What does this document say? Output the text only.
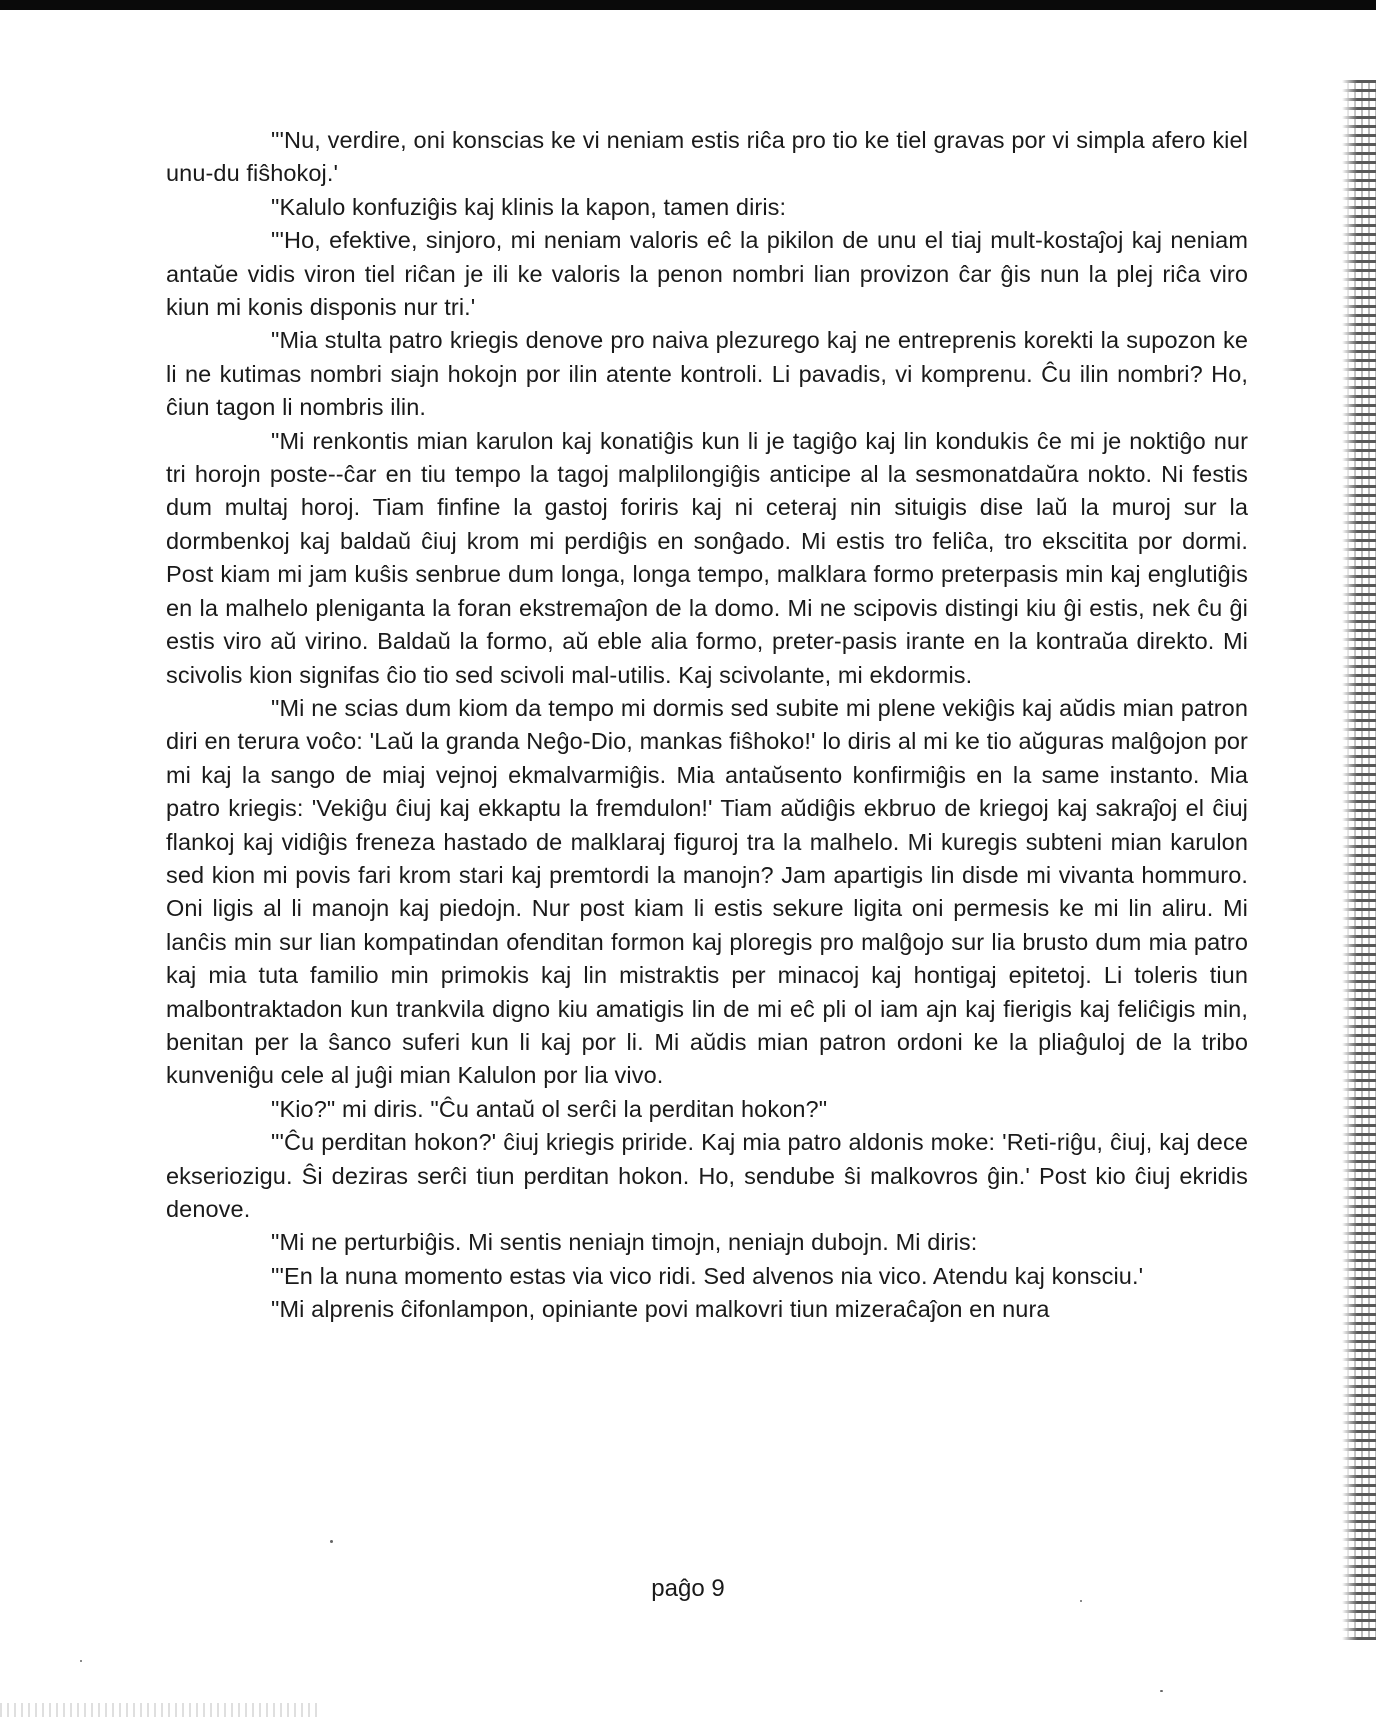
"'Nu, verdire, oni konscias ke vi neniam estis riĉa pro tio ke tiel gravas por vi simpla afero kiel unu-du fiŝhokoj.'

"Kalulo konfuziĝis kaj klinis la kapon, tamen diris:

"'Ho, efektive, sinjoro, mi neniam valoris eĉ la pikilon de unu el tiaj mult-kostaĵoj kaj neniam antaŭe vidis viron tiel riĉan je ili ke valoris la penon nombri lian provizon ĉar ĝis nun la plej riĉa viro kiun mi konis disponis nur tri.'

"Mia stulta patro kriegis denove pro naiva plezurego kaj ne entreprenis korekti la supozon ke li ne kutimas nombri siajn hokojn por ilin atente kontroli. Li pavadis, vi komprenu. Ĉu ilin nombri? Ho, ĉiun tagon li nombris ilin.

"Mi renkontis mian karulon kaj konatiĝis kun li je tagiĝo kaj lin kondukis ĉe mi je noktiĝo nur tri horojn poste--ĉar en tiu tempo la tagoj malplilongiĝis anticipe al la sesmonatdaŭra nokto. Ni festis dum multaj horoj. Tiam finfine la gastoj foriris kaj ni ceteraj nin situigis dise laŭ la muroj sur la dormbenkoj kaj baldaŭ ĉiuj krom mi perdiĝis en sonĝado. Mi estis tro feliĉa, tro ekscitita por dormi. Post kiam mi jam kuŝis senbrue dum longa, longa tempo, malklara formo preterpasis min kaj englutiĝis en la malhelo pleniganta la foran ekstremaĵon de la domo. Mi ne scipovis distingi kiu ĝi estis, nek ĉu ĝi estis viro aŭ virino. Baldaŭ la formo, aŭ eble alia formo, preter-pasis irante en la kontraŭa direkto. Mi scivolis kion signifas ĉio tio sed scivoli mal-utilis. Kaj scivolante, mi ekdormis.

"Mi ne scias dum kiom da tempo mi dormis sed subite mi plene vekiĝis kaj aŭdis mian patron diri en terura voĉo: 'Laŭ la granda Neĝo-Dio, mankas fiŝhoko!' lo diris al mi ke tio aŭguras malĝojon por mi kaj la sango de miaj vejnoj ekmalvarmiĝis. Mia antaŭsento konfirmiĝis en la same instanto. Mia patro kriegis: 'Vekiĝu ĉiuj kaj ekkaptu la fremdulon!' Tiam aŭdiĝis ekbruo de kriegoj kaj sakraĵoj el ĉiuj flankoj kaj vidiĝis freneza hastado de malklaraj figuroj tra la malhelo. Mi kuregis subteni mian karulon sed kion mi povis fari krom stari kaj premtordi la manojn? Jam apartigis lin disde mi vivanta hommuro. Oni ligis al li manojn kaj piedojn. Nur post kiam li estis sekure ligita oni permesis ke mi lin aliru. Mi lanĉis min sur lian kompatindan ofenditan formon kaj ploregis pro malĝojo sur lia brusto dum mia patro kaj mia tuta familio min primokis kaj lin mistraktis per minacoj kaj hontigaj epitetoj. Li toleris tiun malbontraktadon kun trankvila digno kiu amatigis lin de mi eĉ pli ol iam ajn kaj fierigis kaj feliĉigis min, benitan per la ŝanco suferi kun li kaj por li. Mi aŭdis mian patron ordoni ke la pliaĝuloj de la tribo kunveniĝu cele al juĝi mian Kalulon por lia vivo.

"Kio?" mi diris. "Ĉu antaŭ ol serĉi la perditan hokon?"

"'Ĉu perditan hokon?' ĉiuj kriegis priride. Kaj mia patro aldonis moke: 'Reti-riĝu, ĉiuj, kaj dece ekseriozigu. Ŝi deziras serĉi tiun perditan hokon. Ho, sendube ŝi malkovros ĝin.' Post kio ĉiuj ekridis denove.

"Mi ne perturbiĝis. Mi sentis neniajn timojn, neniajn dubojn. Mi diris:

"'En la nuna momento estas via vico ridi. Sed alvenos nia vico. Atendu kaj konsciu.'

"Mi alprenis ĉifonlampon, opiniante povi malkovri tiun mizeraĉaĵon en nura

paĝo 9
